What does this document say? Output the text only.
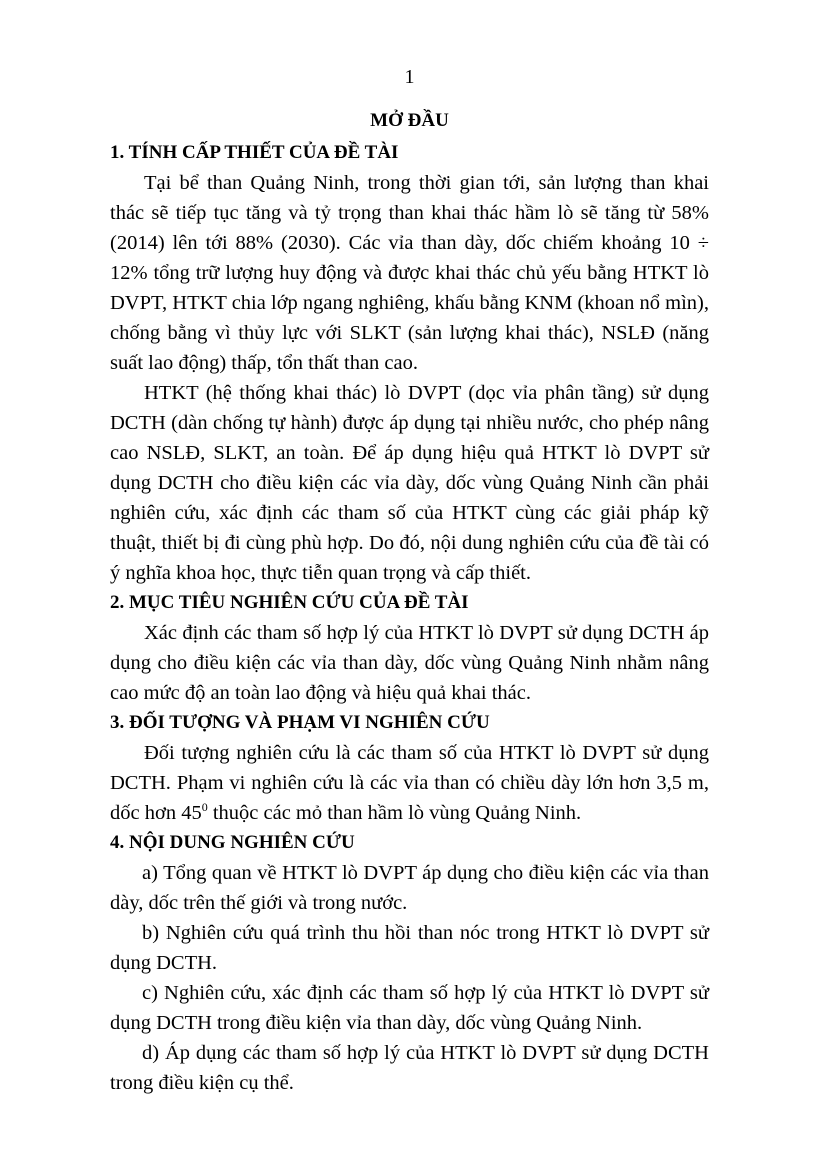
1
MỞ ĐẦU
1. TÍNH CẤP THIẾT CỦA ĐỀ TÀI

Tại bể than Quảng Ninh, trong thời gian tới, sản lượng than khai thác sẽ tiếp tục tăng và tỷ trọng than khai thác hầm lò sẽ tăng từ 58% (2014) lên tới 88% (2030). Các vỉa than dày, dốc chiếm khoảng 10 ÷ 12% tổng trữ lượng huy động và được khai thác chủ yếu bằng HTKT lò DVPT, HTKT chia lớp ngang nghiêng, khấu bằng KNM (khoan nổ mìn), chống bằng vì thủy lực với SLKT (sản lượng khai thác), NSLĐ (năng suất lao động) thấp, tổn thất than cao.

HTKT (hệ thống khai thác) lò DVPT (dọc vỉa phân tầng) sử dụng DCTH (dàn chống tự hành) được áp dụng tại nhiều nước, cho phép nâng cao NSLĐ, SLKT, an toàn. Để áp dụng hiệu quả HTKT lò DVPT sử dụng DCTH cho điều kiện các vỉa dày, dốc vùng Quảng Ninh cần phải nghiên cứu, xác định các tham số của HTKT cùng các giải pháp kỹ thuật, thiết bị đi cùng phù hợp. Do đó, nội dung nghiên cứu của đề tài có ý nghĩa khoa học, thực tiễn quan trọng và cấp thiết.

2. MỤC TIÊU NGHIÊN CỨU CỦA ĐỀ TÀI

Xác định các tham số hợp lý của HTKT lò DVPT sử dụng DCTH áp dụng cho điều kiện các vỉa than dày, dốc vùng Quảng Ninh nhằm nâng cao mức độ an toàn lao động và hiệu quả khai thác.

3. ĐỐI TƯỢNG VÀ PHẠM VI NGHIÊN CỨU

Đối tượng nghiên cứu là các tham số của HTKT lò DVPT sử dụng DCTH. Phạm vi nghiên cứu là các vỉa than có chiều dày lớn hơn 3,5 m, dốc hơn $45^0$ thuộc các mỏ than hầm lò vùng Quảng Ninh.

4. NỘI DUNG NGHIÊN CỨU

a) Tổng quan về HTKT lò DVPT áp dụng cho điều kiện các vỉa than dày, dốc trên thế giới và trong nước.

b) Nghiên cứu quá trình thu hồi than nóc trong HTKT lò DVPT sử dụng DCTH.

c) Nghiên cứu, xác định các tham số hợp lý của HTKT lò DVPT sử dụng DCTH trong điều kiện vỉa than dày, dốc vùng Quảng Ninh.

d) Áp dụng các tham số hợp lý của HTKT lò DVPT sử dụng DCTH trong điều kiện cụ thể.
